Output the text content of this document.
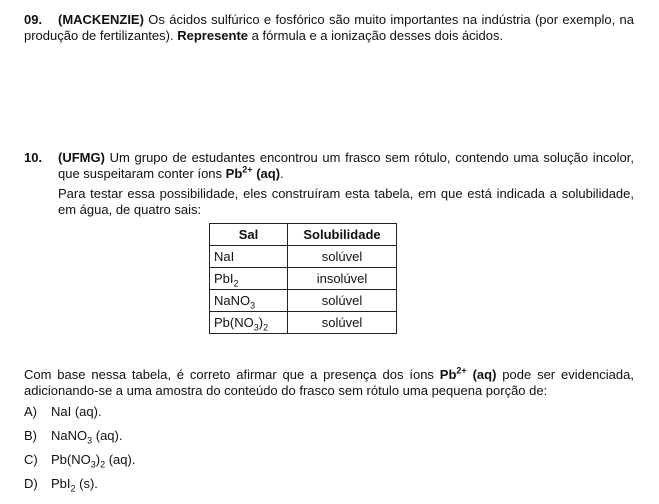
09. (MACKENZIE) Os ácidos sulfúrico e fosfórico são muito importantes na indústria (por exemplo, na produção de fertilizantes). Represente a fórmula e a ionização desses dois ácidos.
10. (UFMG) Um grupo de estudantes encontrou um frasco sem rótulo, contendo uma solução incolor, que suspeitaram conter íons $Pb^{2+}$ (aq).
Para testar essa possibilidade, eles construíram esta tabela, em que está indicada a solubilidade, em água, de quatro sais:
Sal	Solubilidade
NaI	solúvel
PbI$_2$	insolúvel
NaNO$_3$	solúvel
$Pb(NO_3)_2$	solúvel
Com base nessa tabela, é correto afirmar que a presença dos íons $Pb^{2+}$ (aq) pode ser evidenciada, adicionando-se a uma amostra do conteúdo do frasco sem rótulo uma pequena porção de:
A)	NaI (aq).
B)	NaNO$_3$ (aq).
C)	$Pb(NO_3)_2$ (aq).
D)	PbI$_2$ (s).
